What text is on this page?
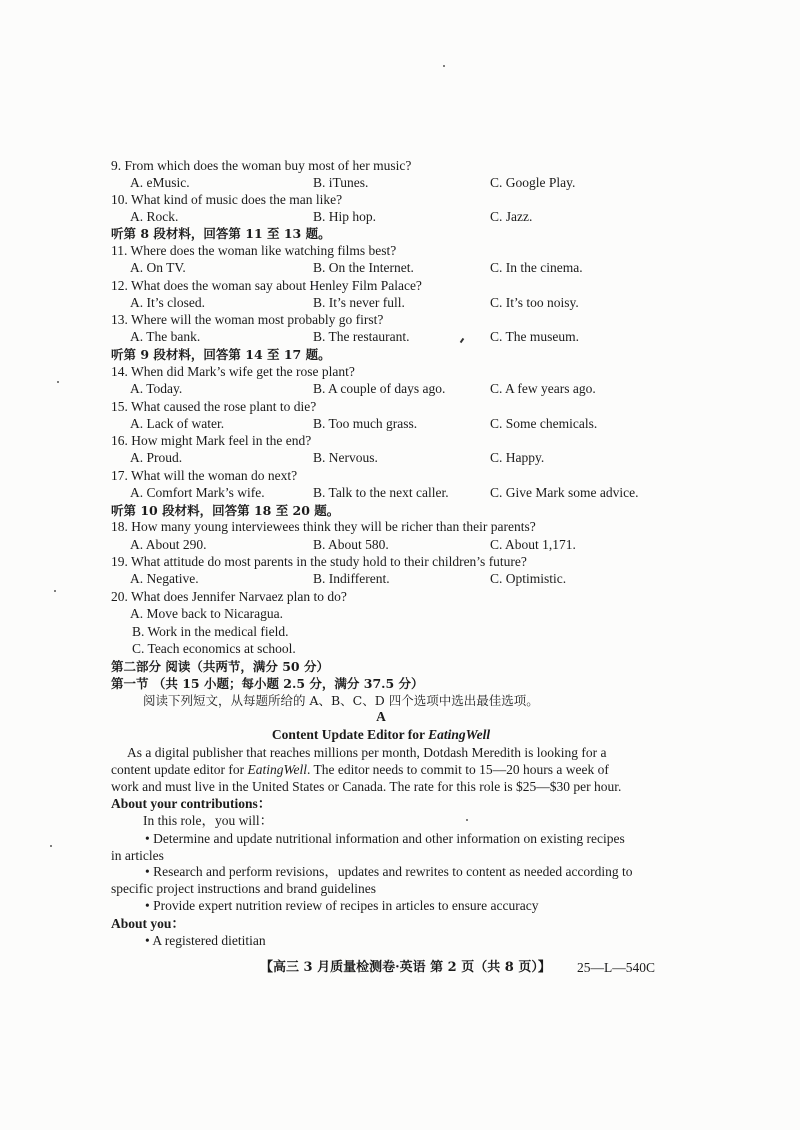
9. From which does the woman buy most of her music?
A. eMusic.	B. iTunes.	C. Google Play.
10. What kind of music does the man like?
A. Rock.	B. Hip hop.	C. Jazz.
听第 8 段材料，回答第 11 至 13 题。
11. Where does the woman like watching films best?
A. On TV.	B. On the Internet.	C. In the cinema.
12. What does the woman say about Henley Film Palace?
A. It’s closed.	B. It’s never full.	C. It’s too noisy.
13. Where will the woman most probably go first?
A. The bank.	B. The restaurant.	C. The museum.
听第 9 段材料，回答第 14 至 17 题。
14. When did Mark’s wife get the rose plant?
A. Today.	B. A couple of days ago.	C. A few years ago.
15. What caused the rose plant to die?
A. Lack of water.	B. Too much grass.	C. Some chemicals.
16. How might Mark feel in the end?
A. Proud.	B. Nervous.	C. Happy.
17. What will the woman do next?
A. Comfort Mark’s wife.	B. Talk to the next caller.	C. Give Mark some advice.
听第 10 段材料，回答第 18 至 20 题。
18. How many young interviewees think they will be richer than their parents?
A. About 290.	B. About 580.	C. About 1,171.
19. What attitude do most parents in the study hold to their children’s future?
A. Negative.	B. Indifferent.	C. Optimistic.
20. What does Jennifer Narvaez plan to do?
A. Move back to Nicaragua.
B. Work in the medical field.
C. Teach economics at school.
第二部分 阅读（共两节，满分 50 分）
第一节 （共 15 小题；每小题 2.5 分，满分 37.5 分）
阅读下列短文，从每题所给的 A、B、C、D 四个选项中选出最佳选项。
A
Content Update Editor for EatingWell
As a digital publisher that reaches millions per month, Dotdash Meredith is looking for a
content update editor for EatingWell. The editor needs to commit to 15—20 hours a week of
work and must live in the United States or Canada. The rate for this role is $25—$30 per hour.
About your contributions：
In this role，you will：
• Determine and update nutritional information and other information on existing recipes
in articles
• Research and perform revisions，updates and rewrites to content as needed according to
specific project instructions and brand guidelines
• Provide expert nutrition review of recipes in articles to ensure accuracy
About you：
• A registered dietitian
【高三 3 月质量检测卷·英语 第 2 页（共 8 页）】 25—L—540C
